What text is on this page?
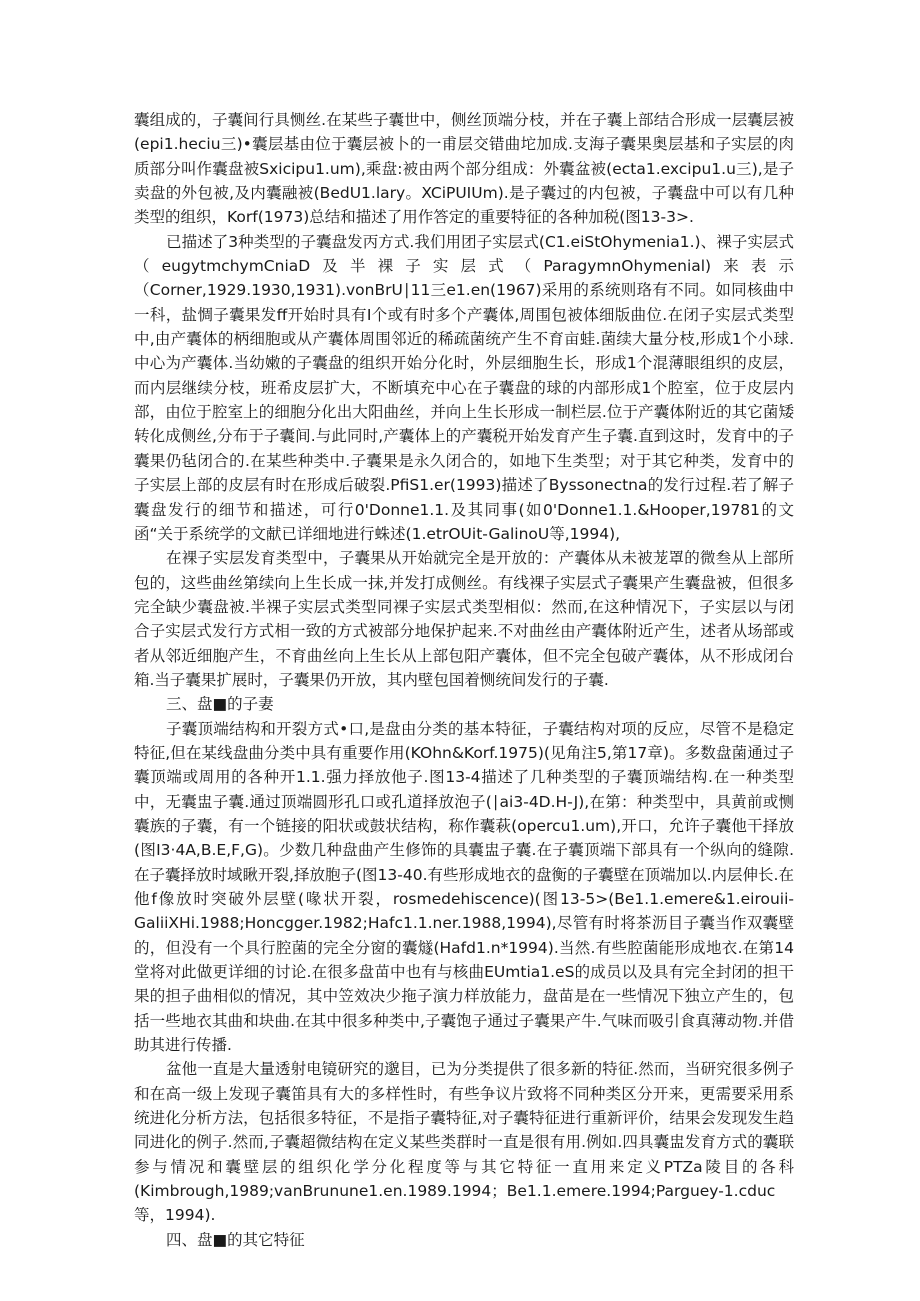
囊组成的，子囊间行具恻丝.在某些子囊世中，侧丝顶端分枝，并在子囊上部结合形成一层囊层被(epi1.heciu三)•囊层基由位于囊层被卜的一甫层交错曲坨加成.支海子囊果奥层基和子实层的肉质部分叫作囊盘被Sxicipu1.um),乘盘:被由两个部分组成：外囊盆被(ecta1.excipu1.u三),是子卖盘的外包被,及内囊融被(BedU1.lary。XCiPUIUm).是子囊过的内包被，子囊盘中可以有几种类型的组织，Korf(1973)总结和描述了用作答定的重要特征的各种加税(图13-3>.

已描述了3种类型的子囊盘发丙方式.我们用团子实层式(C1.eiStOhymenia1.)、裸子实层式（eugytmchymCniaD及半裸子实层式（ParagymnOhymenial)来表示（Corner,1929.1930,1931).vonBrU∣11三e1.en(1967)采用的系统则珞有不同。如同核曲中一科，盐惆子囊果发ff开始时具有I个或有时多个产囊体,周围包被体细版曲位.在闭子实层式类型中,由产囊体的柄细胞或从产囊体周围邻近的稀疏菌统产生不育亩蛙.菌续大量分枝,形成1个小球.中心为产囊体.当幼嫩的子囊盘的组织开始分化时，外层细胞生长，形成1个混薄眼组织的皮层，而内层继续分枝，班希皮层扩大，不断填充中心在子囊盘的球的内部形成1个腔室，位于皮层内部，由位于腔室上的细胞分化出大阳曲丝，并向上生长形成一制栏层.位于产囊体附近的其它菌矮转化成侧丝,分布于子囊间.与此同时,产囊体上的产囊税开始发育产生子囊.直到这时，发育中的子囊果仍毡闭合的.在某些种类中.子囊果是永久闭合的，如地下生类型；对于其它种类，发育中的子实层上部的皮层有时在形成后破裂.PfiS1.er(1993)描述了Byssonectna的发行过程.若了解子囊盘发行的细节和描述，可行0'Donne1.1.及其同事(如0'Donne1.1.&Hooper,19781的文函“关于系统学的文献已详细地进行蛛述(1.etrOUit-GalinoU等,1994),

在裸子实层发育类型中，子囊果从开始就完全是开放的：产囊体从未被茏罩的微叁从上部所包的，这些曲丝第续向上生长成一抹,并发打成侧丝。有线裸子实层式子囊果产生囊盘被，但很多完全缺少囊盘被.半裸子实层式类型同裸子实层式类型相似：然而,在这种情况下，子实层以与闭合子实层式发行方式相一致的方式被部分地保护起来.不对曲丝由产囊体附近产生，述者从场部或者从邻近细胞产生，不育曲丝向上生长从上部包阳产囊体，但不完全包破产囊体，从不形成闭台箱.当子囊果扩展时，子囊果仍开放，其内壁包国着恻统间发行的子囊.

三、盘■的子妻

子囊顶端结构和开裂方式•口,是盘由分类的基本特征，子囊结构对项的反应，尽管不是稳定特征,但在某线盘曲分类中具有重要作用(KOhn&Korf.1975)(见角注5,第17章)。多数盘菌通过子囊顶端或周用的各种开1.1.强力择放他子.图13-4描述了几种类型的子囊顶端结构.在一种类型中，无囊盅子囊.通过顶端圆形孔口或孔道择放泡子(∣ai3-4D.H-J),在第：种类型中，具黄前或恻囊族的子囊，有一个链接的阳状或鼓状结构，称作囊萩(opercu1.um),开口，允许子囊他干择放(图I3·4A,B.E,F,G)。少数几种盘曲产生修饰的具囊盅子囊.在子囊顶端下部具有一个纵向的缝隙.在子囊择放时域瞅开裂,择放胞子(图13-40.有些形成地衣的盘衡的子囊壁在顶端加以.内层伸长.在他f像放时突破外层壁(喙状开裂，rosmedehiscence)(图13-5>(Be1.1.emere&1.eirouii-GaliiXHi.1988;Honcgger.1982;Hafc1.1.ner.1988,1994),尽管有时将茶沥目子囊当作双囊壁的，但没有一个具行腔菌的完全分窗的囊燧(Hafd1.n*1994).当然.有些腔菌能形成地衣.在第14堂将对此做更详细的讨论.在很多盘苗中也有与核曲EUmtia1.eS的成员以及具有完全封闭的担干果的担子曲相似的情况，其中笠效决少拖子演力样放能力，盘苗是在一些情况下独立产生的，包括一些地衣其曲和块曲.在其中很多种类中,子囊饱子通过子囊果产牛.气味而吸引食真薄动物.并借助其进行传播.

盆他一直是大量透射电镜研究的邈目，已为分类提供了很多新的特征.然而，当研究很多例子和在高一级上发现子囊笛具有大的多样性时，有些争议片致将不同种类区分开来，更需要采用系统进化分析方法，包括很多特征，不是指子囊特征,对子囊特征进行重新评价，结果会发现发生趋同进化的例子.然而,子囊超微结构在定义某些类群时一直是很有用.例如.四具囊盅发育方式的囊联参与情况和囊壁层的组织化学分化程度等与其它特征一直用来定义PTZa陵目的各科(Kimbrough,1989;vanBrunune1.en.1989.1994；Be1.1.emere.1994;Parguey-1.cduc等，1994).

四、盘■的其它特征
